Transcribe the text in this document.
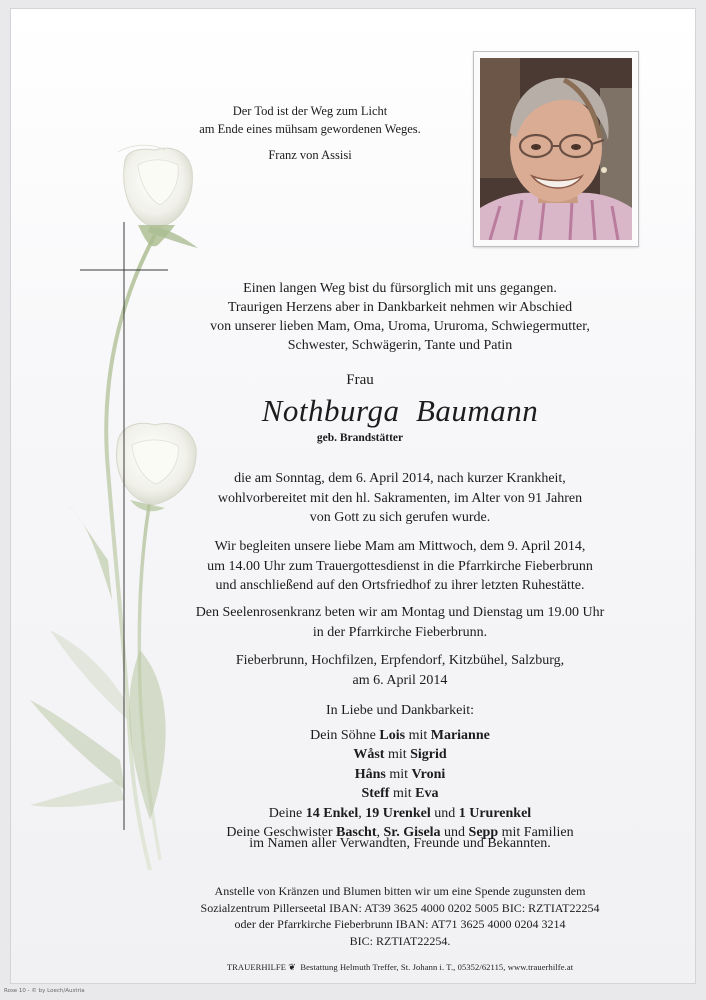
Der Tod ist der Weg zum Licht
am Ende eines mühsam gewordenen Weges.
Franz von Assisi
Einen langen Weg bist du fürsorglich mit uns gegangen.
Traurigen Herzens aber in Dankbarkeit nehmen wir Abschied
von unserer lieben Mam, Oma, Uroma, Ururoma, Schwiegermutter,
Schwester, Schwägerin, Tante und Patin
Frau
Nothburga  Baumann
geb. Brandstätter
die am Sonntag, dem 6. April 2014, nach kurzer Krankheit,
wohlvorbereitet mit den hl. Sakramenten, im Alter von 91 Jahren
von Gott zu sich gerufen wurde.
Wir begleiten unsere liebe Mam am Mittwoch, dem 9. April 2014,
um 14.00 Uhr zum Trauergottesdienst in die Pfarrkirche Fieberbrunn
und anschließend auf den Ortsfriedhof zu ihrer letzten Ruhestätte.
Den Seelenrosenkranz beten wir am Montag und Dienstag um 19.00 Uhr
in der Pfarrkirche Fieberbrunn.
Fieberbrunn, Hochfilzen, Erpfendorf, Kitzbühel, Salzburg,
am 6. April 2014
In Liebe und Dankbarkeit:
Dein Söhne Lois mit Marianne
Wåst mit Sigrid
Hâns mit Vroni
Steff mit Eva
Deine 14 Enkel, 19 Urenkel und 1 Ururenkel
Deine Geschwister Bascht, Sr. Gisela und Sepp mit Familien
im Namen aller Verwandten, Freunde und Bekannten.
Anstelle von Kränzen und Blumen bitten wir um eine Spende zugunsten dem
Sozialzentrum Pillerseetal IBAN: AT39 3625 4000 0202 5005 BIC: RZTIAT22254
oder der Pfarrkirche Fieberbrunn IBAN: AT71 3625 4000 0204 3214
BIC: RZTIAT22254.
TRAUERHILFE ❦  Bestattung Helmuth Treffer, St. Johann i. T., 05352/62115, www.trauerhilfe.at
Rose 10 - © by Loech/Austria
